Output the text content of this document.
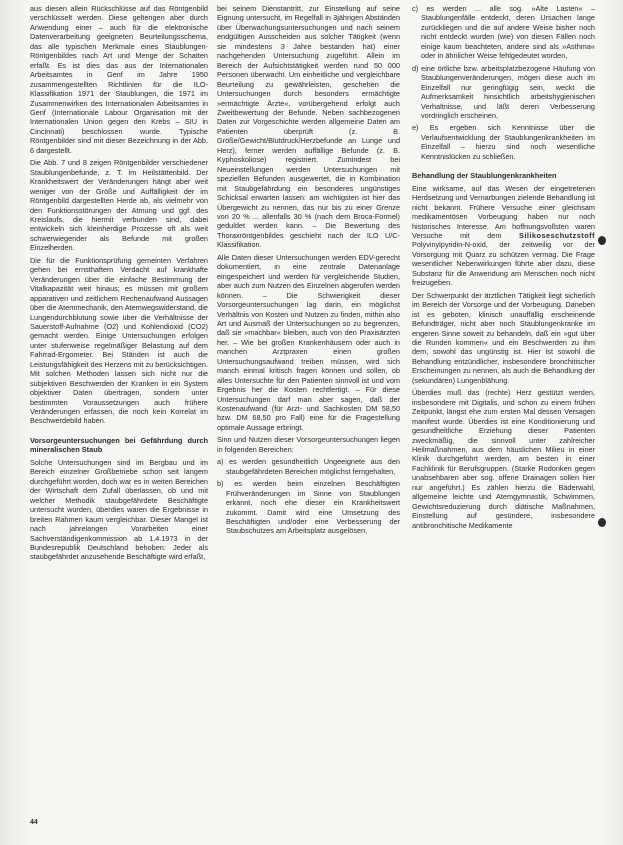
aus diesen allein Rückschlüsse auf das Röntgenbild verschlüsselt werden. Diese geltengen aber durch Anwendung einer – auch für die elektronische Datenverarbeitung geeigneten Beurteilungsschema, das alle typischen Merkmale eines Staublungen-Röntgenbildes nach Art und Menge der Schatten erfaßt. Es ist dies das aus der Internationalen Arbeitsamtes in Genf im Jahre 1950 zusammengestellten Richtlinien für die ILO-Klassifikation 1971 der Staublungen, die 1971 im Zusammenwirken des Internationalen Arbeitsamtes in Genf (Internationale Labour Organisation mit der Internationalen Union gegen den Krebs – SIU in Cincinnati) beschlossen wurde. Typische Röntgenbilder sind mit dieser Bezeichnung in der Abb. 6 dargestellt.

Die Abb. 7 und 8 zeigen Röntgenbilder verschiedener Staublungenbefunde, z. T. im Heilstättenbild. Der Krankheitswert der Veränderungen hängt aber weit weniger von der Größe und Auffälligkeit der im Röntgenbild dargestellten Herde ab, als vielmehr von den Funktionsstörungen der Atmung und ggf. des Kreislaufs, die hiermit verbunden sind, dabei entwickeln sich kleinherdige Prozesse oft als weit schwerwiegender als Befunde mit großen Einzelherden.

Die für die Funktionsprüfung gemeinten Verfahren gehen bei ernsthaftem Verdacht auf krankhafte Veränderungen über die einfache Bestimmung der Vitalkapazität weit hinaus; es müssen mit großem apparativen und zeitlichem Rechenaufwand Aussagen über die Atemmechanik, den Atemwegswiderstand, die Lungendurchblutung sowie über die Verhältnisse der Sauerstoff-Aufnahme (O2) und Kohlendioxid (CO2) gemacht werden. Einige Untersuchungen erfolgen unter stufenweise regelmäßiger Belastung auf dem Fahrrad-Ergometer. Bei Ständen ist auch die Leistungsfähigkeit des Herzens mit zu berücksichtigen. Mit solchen Methoden lassen sich nicht nur die subjektiven Beschwerden der Kranken in ein System objektiver Daten übertragen, sondern unter bestimmten Voraussetzungen auch frühere Veränderungen erfassen, die noch kein Korrelat im Beschwerdebild haben.

Vorsorgeuntersuchungen bei Gefährdung durch mineralischen Staub

Solche Untersuchungen sind im Bergbau und im Bereich einzelner Großbetriebe schon seit langem durchgeführt worden, doch war es in weiten Bereichen der Wirtschaft dem Zufall überlassen, ob und mit welcher Methodik staubgefährdete Beschäftigte untersucht wurden, überdies waren die Ergebnisse in breiten Rahmen kaum vergleichbar. Dieser Mangel ist nach jahrelangen Vorarbeiten einer Sachverständigenkommission ab 1.4.1973 in der Bundesrepublik Deutschland behoben: Jeder als staubgefährdet anzusehende Beschäftigte wird erfaßt,

bei seinem Dienstantritt, zur Einstellung auf seine Eignung untersucht, im Regelfall in 3jährigen Abständen über Überwachungsuntersuchungen und nach seinem endgültigen Ausscheiden aus solcher Tätigkeit (wenn sie mindestens 3 Jahre bestanden hat) einer nachgehenden Untersuchung zugeführt. Allein im Bereich der Aufsichtstätigkeit werden rund 50 000 Personen überwacht. Um einheitliche und vergleichbare Beurteilung zu gewährleisten, geschehen die Untersuchungen durch besonders ermächtigte »ermächtigte Ärzte«, vorübergehend erfolgt auch Zweitbewertung der Befunde. Neben sachbezogenen Daten zur Vorgeschichte werden allgemeine Daten am Patienten überprüft (z. B. Größe/Gewicht/Blutdruck/Herzbefunde an Lunge und Herz), ferner werden auffällige Befunde (z. B. Kyphoskoliose) registriert. Zumindest bei Neueinstellungen werden Untersuchungen mit speziellen Befunden ausgewertet, die in Kombination mit Staubgefährdung ein besonderes ungünstiges Schicksal erwarten lassen: am wichtigsten ist hier das Übergewicht zu nennen, das nur bis zu einer Grenze von 20 % ... allenfalls 30 % (nach dem Broca-Formel) geduldet werden kann. – Die Bewertung des Thoraxröntgenbildes geschieht nach der ILO U/C-Klassifikation.

Alle Daten dieser Untersuchungen werden EDV-gerecht dokumentiert, in eine zentrale Datenanlage eingespeichert und werden für vergleichende Studien, aber auch zum Nutzen des Einzelnen abgerufen werden können. – Die Schwierigkeit dieser Vorsorgeuntersuchungen lag darin, ein möglichst Verhältnis von Kosten und Nutzen zu finden, mithin also Art und Ausmaß der Untersuchungen so zu begrenzen, daß sie »machbar« bleiben, auch von den Praxisärzten her. – Wie bei großen Krankenhäusern oder auch in manchen Arztpraxen einen großen Untersuchungsaufwand treiben müssen, wird sich manch einmal kritisch fragen können und sollen, ob alles Untersuchte für den Patienten sinnvoll ist und vom Ergebnis her die Kosten rechtfertigt. – Für diese Untersuchungen darf man aber sagen, daß der Kostenaufwand (für Arzt- und Sachkosten DM 58,50 bzw. DM 68,50 pro Fall) eine für die Fragestellung optimale Aussage erbringt.

Sinn und Nutzen dieser Vorsorgeuntersuchungen liegen in folgenden Bereichen:

a) es werden gesundheitlich Ungeeignete aus den staubgefährdeten Bereichen möglichst ferngehalten,
b) es werden beim einzelnen Beschäftigten Frühveränderungen im Sinne von Staublungen erkannt, noch ehe dieser ein Krankheitswert zukommt. Damit wird eine Umsetzung des Beschäftigten und/oder eine Verbesserung der Staubschutzes am Arbeitsplatz ausgelösen,
c) es werden ... alle sog. »Alte Lasten« – Staublungenfälle entdeckt, deren Ursachen lange zurückliegen und die auf andere Weise bisher noch nicht entdeckt wurden (wie) von diesen Fällen noch einige kaum beachteten, andere sind als »Asthma« oder in ähnlicher Weise fehlgedeutet worden,
d) eine örtliche bzw. arbeitsplatzbezogene Häufung von Staublungenveränderungen, mögen diese auch im Einzelfall nur geringfügig sein, weckt die Aufmerksamkeit hinsichtlich arbeitshygienischen Verhaltnisse, und läßt deren Verbesserung vordringlich erscheinen,
e) Es ergeben sich Kenntnisse über die Verlaufsentwicklung der Staublungenkrankheiten im Einzelfall – hierzu sind noch wesentliche Kenntnislücken zu schließen.
Behandlung der Staublungenkrankheiten

Eine wirksame, auf das Wesen der eingetretenen Herdsetzung und Vernarbungen zielende Behandlung ist nicht bekannt. Frühere Versuche einer gleichsam medikamentösen Vorbeugung haben nur noch historisches Interesse. Am hoffnungsvollsten waren Versuche mit dem Silikoseschutzstoff Polyvinylpyridin-N-oxid, der zeitweilig vor der Vorsorgung mit Quarz zu schützen vermag. Die Frage wesentlicher Nebenwirkungen führte aber dazu, diese Substanz für die Anwendung am Menschen noch nicht freizugeben.

Der Schwerpunkt der ärztlichen Tätigkeit liegt sicherlich im Bereich der Vorsorge und der Vorbeugung. Daneben ist es geboten, klinisch unauffällig erscheinende Befundträger, nicht aber noch Staublungenkranke im engeren Sinne soweit zu behandeln, daß ein »gut über die Runden kommen« und ein Beschwerden zu ihm dem, sowohl das ungünstig ist. Hier ist sowohl die Behandlung entzündlicher, insbesondere bronchitischer Erscheinungen zu nennen, als auch die Behandlung der (sekundären) Lungenblähung.

Überdies muß das (rechte) Herz gestützt werden, insbesondere mit Digitalis, und schon zu einem frühen Zeitpunkt, längst ehe zum ersten Mal dessen Versagen manifest wurde. Überdies ist eine Konditionierung und gesundheitliche Erziehung dieser Patienten zweckmäßig, die sinnvoll unter zahlreicher Heilmaßnahmen, aus dem häuslichen Milieu in einer Klinik durchgeführt werden, am besten in einer Fachklinik für Berufsgruppen. (Starke Rodonken gegen unabsehbaren aber sog. offene Drainagen sollen hier nur angeführt.) Es zählen hierzu die Bäderwahl, allgemeine leichte und Atemgymnastik, Schwimmen, Gewichtsreduzierung durch diätische Maßnahmen, Einstellung auf gesündere, insbesondere antibronchitische Medikamente

44
